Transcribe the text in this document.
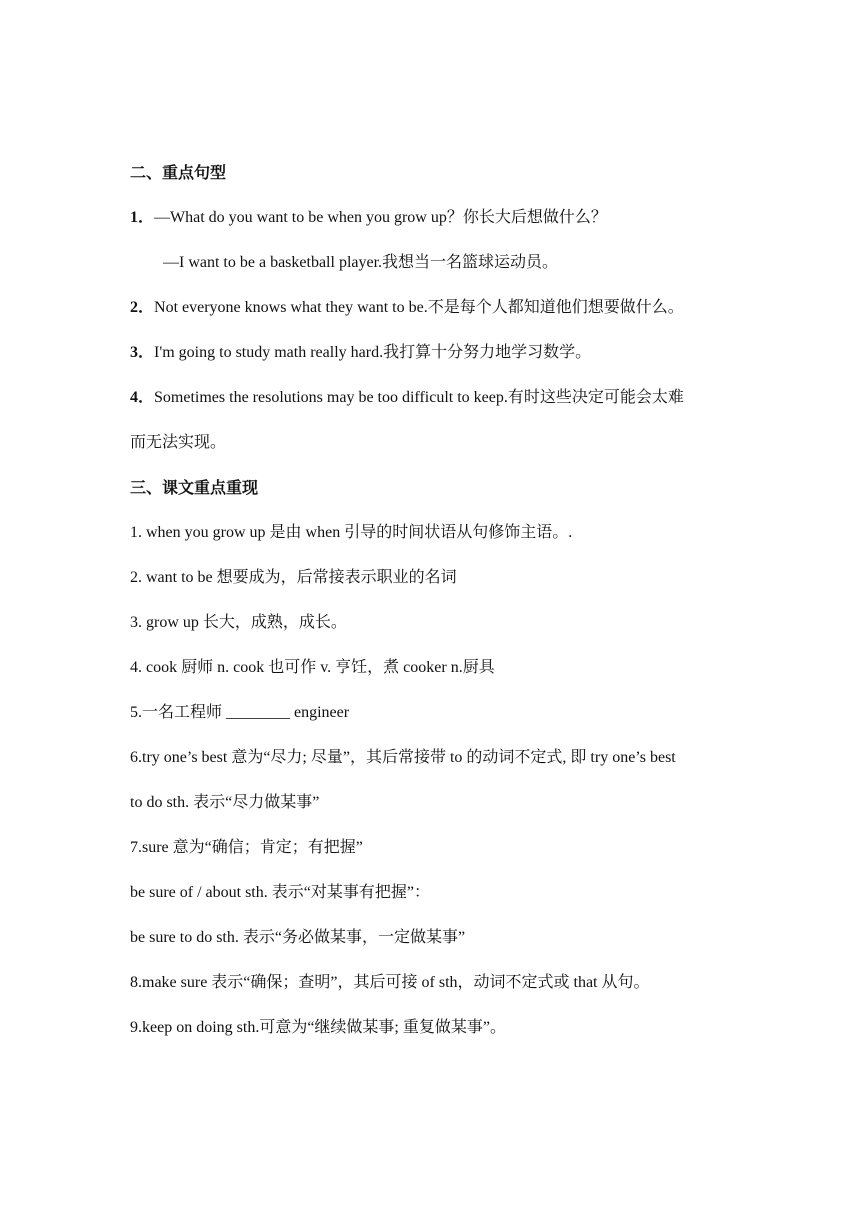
二、重点句型
1．—What do you want to be when you grow up？你长大后想做什么？
—I want to be a basketball player.我想当一名篮球运动员。
2．Not everyone knows what they want to be.不是每个人都知道他们想要做什么。
3．I'm going to study math really hard.我打算十分努力地学习数学。
4．Sometimes the resolutions may be too difficult to keep.有时这些决定可能会太难
而无法实现。
三、课文重点重现
1. when you grow up 是由 when 引导的时间状语从句修饰主语。.
2. want to be 想要成为，后常接表示职业的名词
3. grow up 长大，成熟，成长。
4. cook 厨师 n. cook 也可作 v. 亨饪，煮 cooker n.厨具
5.一名工程师 ________ engineer
6.try one’s best 意为“尽力; 尽量”，其后常接带 to 的动词不定式, 即 try one’s best
to do sth. 表示“尽力做某事”
7.sure 意为“确信；肯定；有把握”
be sure of / about sth. 表示“对某事有把握”：
be sure to do sth. 表示“务必做某事，一定做某事”
8.make sure 表示“确保；查明”，其后可接 of sth，动词不定式或 that 从句。
9.keep on doing sth.可意为“继续做某事; 重复做某事”。
